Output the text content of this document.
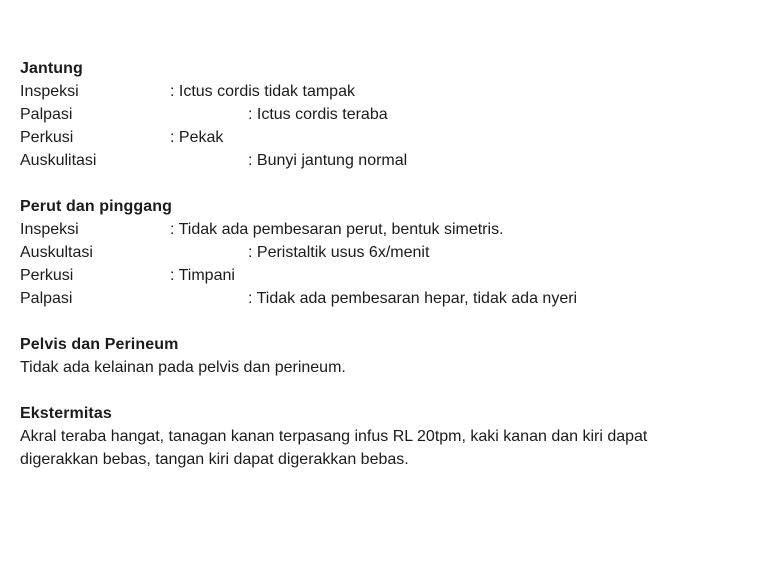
Jantung
Inspeksi	: Ictus cordis tidak tampak
Palpasi	: Ictus cordis teraba
Perkusi	: Pekak
Auskulitasi	: Bunyi jantung normal
Perut dan pinggang
Inspeksi	: Tidak ada pembesaran perut, bentuk simetris.
Auskultasi	: Peristaltik usus 6x/menit
Perkusi	: Timpani
Palpasi	: Tidak ada pembesaran hepar, tidak ada nyeri
Pelvis dan Perineum

Tidak ada kelainan pada pelvis dan perineum.

Ekstermitas

Akral teraba hangat, tanagan kanan terpasang infus RL 20tpm, kaki kanan dan kiri dapat digerakkan bebas, tangan kiri dapat digerakkan bebas.
